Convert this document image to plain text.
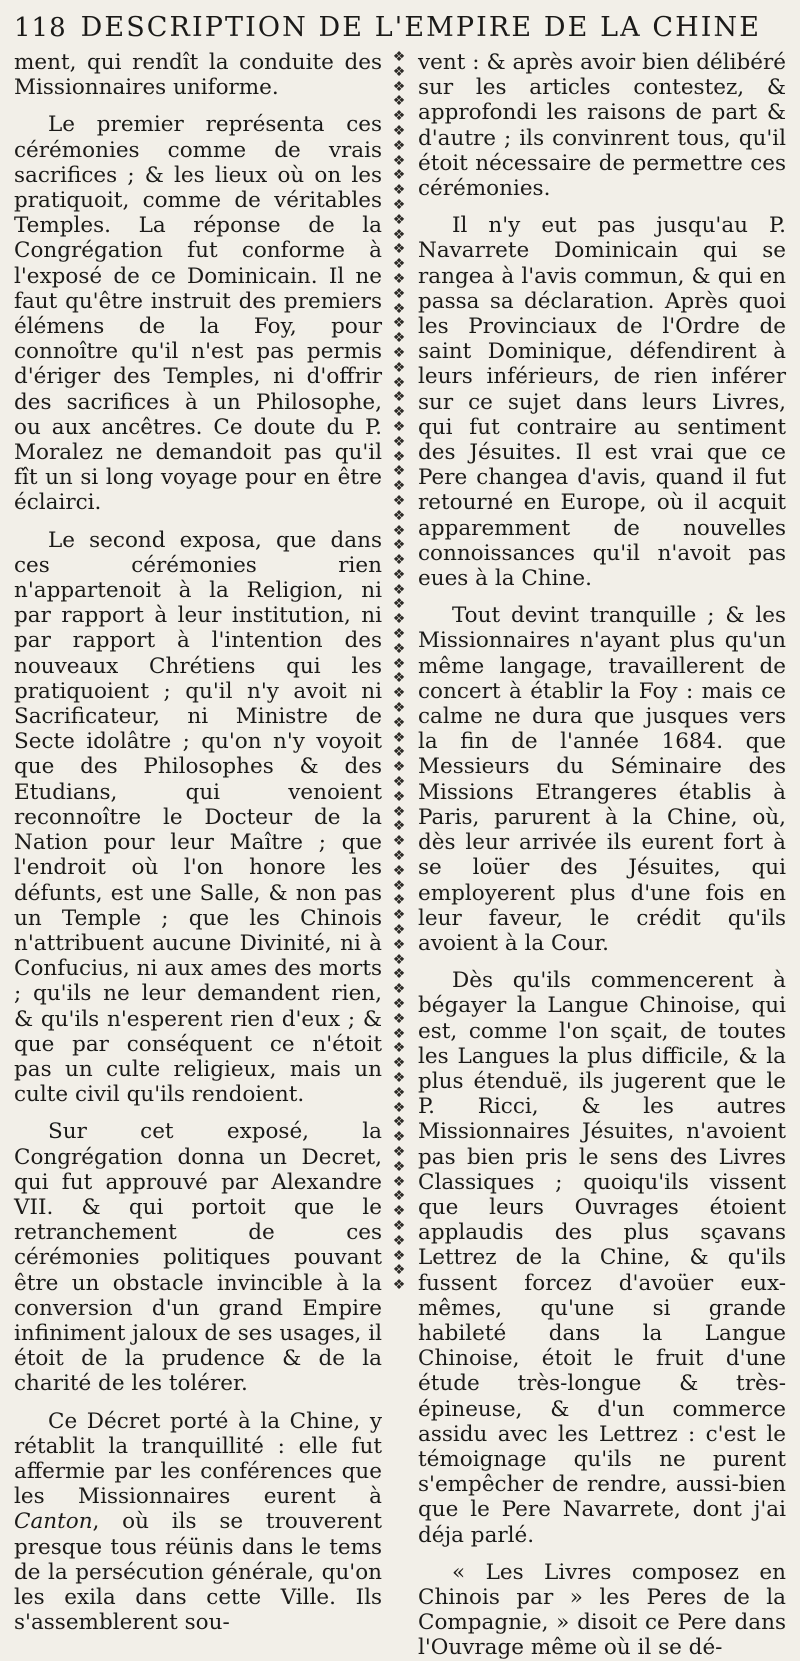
118 DESCRIPTION DE L'EMPIRE DE LA CHINE

ment, qui rendît la conduite des Missionnaires uniforme.

Le premier représenta ces cérémonies comme de vrais sacrifices ; & les lieux où on les pratiquoit, comme de véritables Temples. La réponse de la Congrégation fut conforme à l'exposé de ce Dominicain. Il ne faut qu'être instruit des premiers élémens de la Foy, pour connoître qu'il n'est pas permis d'ériger des Temples, ni d'offrir des sacrifices à un Philosophe, ou aux ancêtres. Ce doute du P. Moralez ne demandoit pas qu'il fît un si long voyage pour en être éclairci.

Le second exposa, que dans ces cérémonies rien n'appartenoit à la Religion, ni par rapport à leur institution, ni par rapport à l'intention des nouveaux Chrétiens qui les pratiquoient ; qu'il n'y avoit ni Sacrificateur, ni Ministre de Secte idolâtre ; qu'on n'y voyoit que des Philosophes & des Etudians, qui venoient reconnoître le Docteur de la Nation pour leur Maître ; que l'endroit où l'on honore les défunts, est une Salle, & non pas un Temple ; que les Chinois n'attribuent aucune Divinité, ni à Confucius, ni aux ames des morts ; qu'ils ne leur demandent rien, & qu'ils n'esperent rien d'eux ; & que par conséquent ce n'étoit pas un culte religieux, mais un culte civil qu'ils rendoient.

Sur cet exposé, la Congrégation donna un Decret, qui fut approuvé par Alexandre VII. & qui portoit que le retranchement de ces cérémonies politiques pouvant être un obstacle invincible à la conversion d'un grand Empire infiniment jaloux de ses usages, il étoit de la prudence & de la charité de les tolérer.

Ce Décret porté à la Chine, y rétablit la tranquillité : elle fut affermie par les conférences que les Missionnaires eurent à Canton, où ils se trouverent presque tous réünis dans le tems de la persécution générale, qu'on les exila dans cette Ville. Ils s'assemblerent sou-

❖
❖
❖
❖
❖
❖
❖
❖
❖
❖
❖
❖
❖
❖
❖
❖
❖
❖
❖
❖
❖
❖
❖
❖
❖
❖
❖
❖
❖
❖
❖
❖
❖
❖
❖
❖
❖
❖
❖
❖
❖
❖
❖
❖
❖
❖
❖
❖
❖
❖
❖
❖
❖
❖
❖
❖
❖
❖
❖
❖
❖
❖
❖
❖
❖
❖
❖
❖
❖
❖
❖
❖
❖
❖
❖
❖
❖
❖
❖
❖
❖
❖
❖
❖

vent : & après avoir bien délibéré sur les articles contestez, & approfondi les raisons de part & d'autre ; ils convinrent tous, qu'il étoit nécessaire de permettre ces cérémonies.

Il n'y eut pas jusqu'au P. Navarrete Dominicain qui se rangea à l'avis commun, & qui en passa sa déclaration. Après quoi les Provinciaux de l'Ordre de saint Dominique, défendirent à leurs inférieurs, de rien inférer sur ce sujet dans leurs Livres, qui fut contraire au sentiment des Jésuites. Il est vrai que ce Pere changea d'avis, quand il fut retourné en Europe, où il acquit apparemment de nouvelles connoissances qu'il n'avoit pas eues à la Chine.

Tout devint tranquille ; & les Missionnaires n'ayant plus qu'un même langage, travaillerent de concert à établir la Foy : mais ce calme ne dura que jusques vers la fin de l'année 1684. que Messieurs du Séminaire des Missions Etrangeres établis à Paris, parurent à la Chine, où, dès leur arrivée ils eurent fort à se loüer des Jésuites, qui employerent plus d'une fois en leur faveur, le crédit qu'ils avoient à la Cour.

Dès qu'ils commencerent à bégayer la Langue Chinoise, qui est, comme l'on sçait, de toutes les Langues la plus difficile, & la plus étenduë, ils jugerent que le P. Ricci, & les autres Missionnaires Jésuites, n'avoient pas bien pris le sens des Livres Classiques ; quoiqu'ils vissent que leurs Ouvrages étoient applaudis des plus sçavans Lettrez de la Chine, & qu'ils fussent forcez d'avoüer eux-mêmes, qu'une si grande habileté dans la Langue Chinoise, étoit le fruit d'une étude très-longue & très-épineuse, & d'un commerce assidu avec les Lettrez : c'est le témoignage qu'ils ne purent s'empêcher de rendre, aussi-bien que le Pere Navarrete, dont j'ai déja parlé.

« Les Livres composez en Chinois par » les Peres de la Compagnie, » disoit ce Pere dans l'Ouvrage même où il se dé-
